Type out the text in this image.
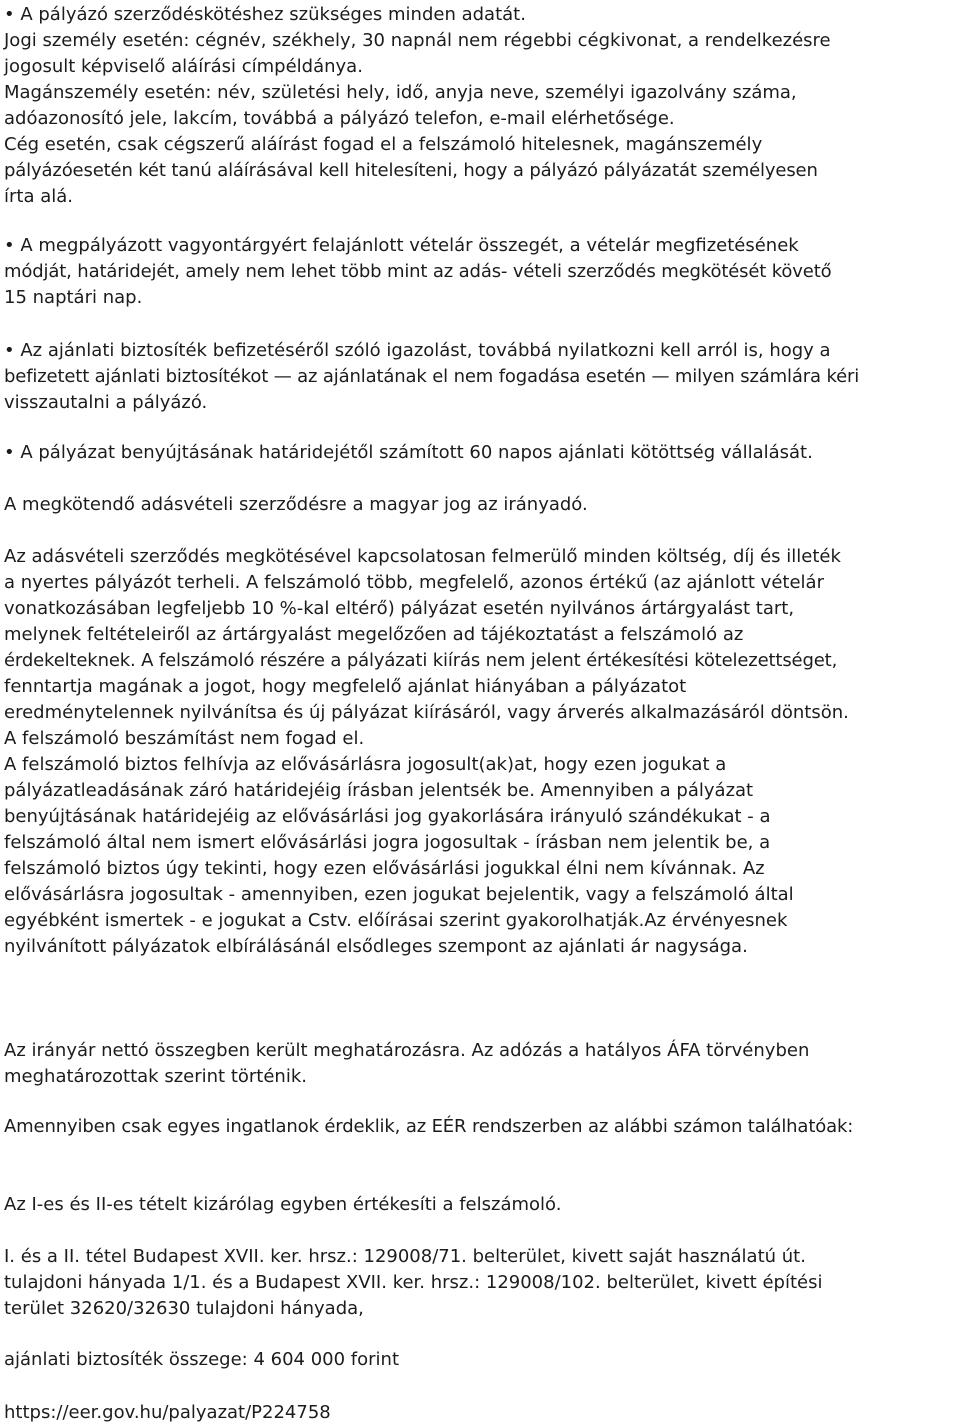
• A pályázó szerződéskötéshez szükséges minden adatát.
Jogi személy esetén: cégnév, székhely, 30 napnál nem régebbi cégkivonat, a rendelkezésre
jogosult képviselő aláírási címpéldánya.
Magánszemély esetén: név, születési hely, idő, anyja neve, személyi igazolvány száma,
adóazonosító jele, lakcím, továbbá a pályázó telefon, e-mail elérhetősége.
Cég esetén, csak cégszerű aláírást fogad el a felszámoló hitelesnek, magánszemély
pályázóesetén két tanú aláírásával kell hitelesíteni, hogy a pályázó pályázatát személyesen
írta alá.
• A megpályázott vagyontárgyért felajánlott vételár összegét, a vételár megfizetésének
módját, határidejét, amely nem lehet több mint az adás- vételi szerződés megkötését követő
15 naptári nap.
• Az ajánlati biztosíték befizetéséről szóló igazolást, továbbá nyilatkozni kell arról is, hogy a
befizetett ajánlati biztosítékot — az ajánlatának el nem fogadása esetén — milyen számlára kéri
visszautalni a pályázó.
• A pályázat benyújtásának határidejétől számított 60 napos ajánlati kötöttség vállalását.
A megkötendő adásvételi szerződésre a magyar jog az irányadó.
Az adásvételi szerződés megkötésével kapcsolatosan felmerülő minden költség, díj és illeték
a nyertes pályázót terheli. A felszámoló több, megfelelő, azonos értékű (az ajánlott vételár
vonatkozásában legfeljebb 10 %-kal eltérő) pályázat esetén nyilvános ártárgyalást tart,
melynek feltételeiről az ártárgyalást megelőzően ad tájékoztatást a felszámoló az
érdekelteknek. A felszámoló részére a pályázati kiírás nem jelent értékesítési kötelezettséget,
fenntartja magának a jogot, hogy megfelelő ajánlat hiányában a pályázatot
eredménytelennek nyilvánítsa és új pályázat kiírásáról, vagy árverés alkalmazásáról döntsön.
A felszámoló beszámítást nem fogad el.
A felszámoló biztos felhívja az elővásárlásra jogosult(ak)at, hogy ezen jogukat a
pályázatleadásának záró határidejéig írásban jelentsék be. Amennyiben a pályázat
benyújtásának határidejéig az elővásárlási jog gyakorlására irányuló szándékukat - a
felszámoló által nem ismert elővásárlási jogra jogosultak - írásban nem jelentik be, a
felszámoló biztos úgy tekinti, hogy ezen elővásárlási jogukkal élni nem kívánnak. Az
elővásárlásra jogosultak - amennyiben, ezen jogukat bejelentik, vagy a felszámoló által
egyébként ismertek - e jogukat a Cstv. előírásai szerint gyakorolhatják.Az érvényesnek
nyilvánított pályázatok elbírálásánál elsődleges szempont az ajánlati ár nagysága.
Az irányár nettó összegben került meghatározásra. Az adózás a hatályos ÁFA törvényben
meghatározottak szerint történik.
Amennyiben csak egyes ingatlanok érdeklik, az EÉR rendszerben az alábbi számon találhatóak:
Az I-es és II-es tételt kizárólag egyben értékesíti a felszámoló.
I. és a II. tétel Budapest XVII. ker. hrsz.: 129008/71. belterület, kivett saját használatú út.
tulajdoni hányada 1/1. és a Budapest XVII. ker. hrsz.: 129008/102. belterület, kivett építési
terület 32620/32630 tulajdoni hányada,
ajánlati biztosíték összege: 4 604 000 forint
https://eer.gov.hu/palyazat/P224758
